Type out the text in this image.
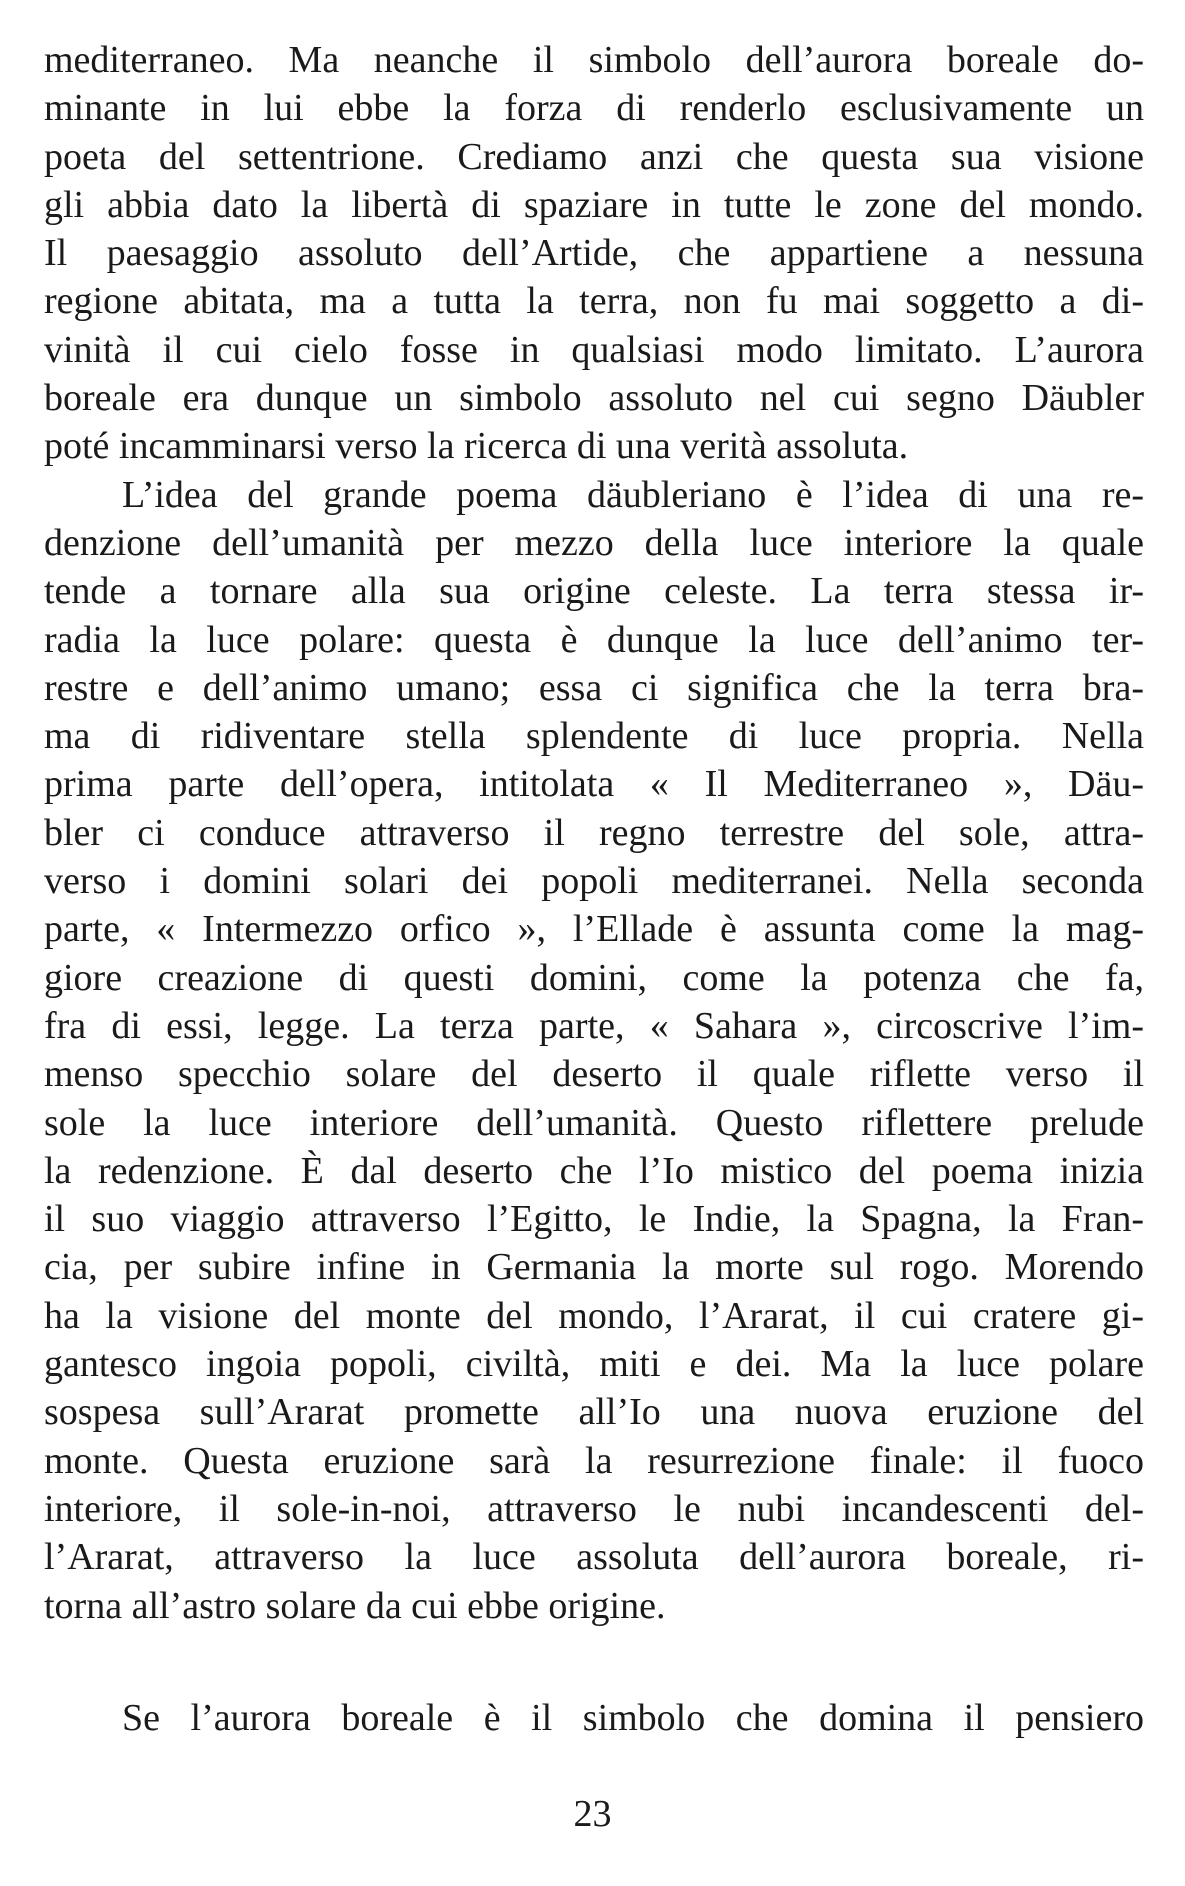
mediterraneo. Ma neanche il simbolo dell’aurora boreale do-
minante in lui ebbe la forza di renderlo esclusivamente un
poeta del settentrione. Crediamo anzi che questa sua visione
gli abbia dato la libertà di spaziare in tutte le zone del mondo.
Il paesaggio assoluto dell’Artide, che appartiene a nessuna
regione abitata, ma a tutta la terra, non fu mai soggetto a di-
vinità il cui cielo fosse in qualsiasi modo limitato. L’aurora
boreale era dunque un simbolo assoluto nel cui segno Däubler
poté incamminarsi verso la ricerca di una verità assoluta.
L’idea del grande poema däubleriano è l’idea di una re-
denzione dell’umanità per mezzo della luce interiore la quale
tende a tornare alla sua origine celeste. La terra stessa ir-
radia la luce polare: questa è dunque la luce dell’animo ter-
restre e dell’animo umano; essa ci significa che la terra bra-
ma di ridiventare stella splendente di luce propria. Nella
prima parte dell’opera, intitolata « Il Mediterraneo », Däu-
bler ci conduce attraverso il regno terrestre del sole, attra-
verso i domini solari dei popoli mediterranei. Nella seconda
parte, « Intermezzo orfico », l’Ellade è assunta come la mag-
giore creazione di questi domini, come la potenza che fa,
fra di essi, legge. La terza parte, « Sahara », circoscrive l’im-
menso specchio solare del deserto il quale riflette verso il
sole la luce interiore dell’umanità. Questo riflettere prelude
la redenzione. È dal deserto che l’Io mistico del poema inizia
il suo viaggio attraverso l’Egitto, le Indie, la Spagna, la Fran-
cia, per subire infine in Germania la morte sul rogo. Morendo
ha la visione del monte del mondo, l’Ararat, il cui cratere gi-
gantesco ingoia popoli, civiltà, miti e dei. Ma la luce polare
sospesa sull’Ararat promette all’Io una nuova eruzione del
monte. Questa eruzione sarà la resurrezione finale: il fuoco
interiore, il sole-in-noi, attraverso le nubi incandescenti del-
l’Ararat, attraverso la luce assoluta dell’aurora boreale, ri-
torna all’astro solare da cui ebbe origine.
Se l’aurora boreale è il simbolo che domina il pensiero
23
